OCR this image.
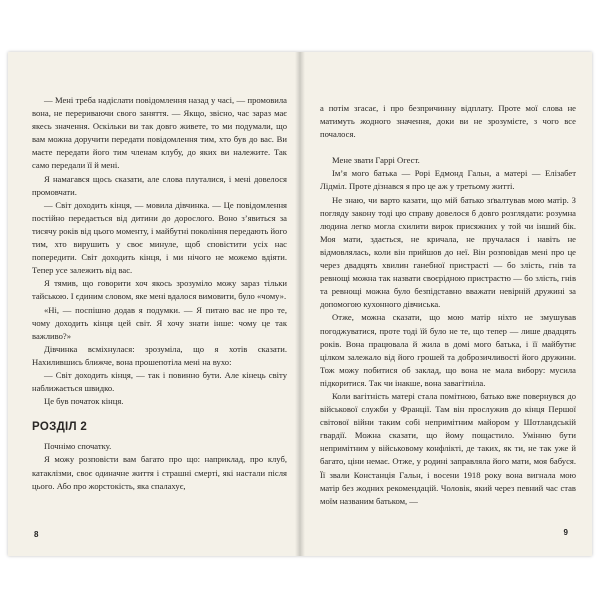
— Мені треба надіслати повідомлення назад у часі, — промовила вона, не перериваючи свого заняття. — Якщо, звісно, час зараз має якесь значення. Оскільки ви так довго живете, то ми подумали, що вам можна доручити передати повідомлення тим, хто був до вас. Ви маєте передати його тим членам клубу, до яких ви належите. Так само передали її й мені.

Я намагався щось сказати, але слова плуталися, і мені довелося промовчати.

— Світ доходить кінця, — мовила дівчинка. — Це повідомлення постійно передається від дитини до дорослого. Воно з’явиться за тисячу років від цього моменту, і майбутні покоління передають його тим, хто вирушить у своє минуле, щоб сповістити усіх нас попередити. Світ доходить кінця, і ми нічого не можемо вдіяти. Тепер усе залежить від вас.

Я тямив, що говорити хоч якось зрозуміло можу зараз тільки тайською. І єдиним словом, яке мені вдалося вимовити, було «чому».

«Ні, — поспішно додав я подумки. — Я питаю вас не про те, чому доходить кінця цей світ. Я хочу знати інше: чому це так важливо?»

Дівчинка всміхнулася: зрозуміла, що я хотів сказати. Нахилившись ближче, вона прошепотіла мені на вухо:

— Світ доходить кінця, — так і повинно бути. Але кінець світу наближається швидко.

Це був початок кінця.

РОЗДІЛ 2

Почнімо спочатку.

Я можу розповісти вам багато про що: наприклад, про клуб, катаклізми, своє одиначне життя і страшні смерті, які настали після цього. Або про жорстокість, яка спалахує,

8

а потім згасає, і про безпричинну відплату. Проте мої слова не матимуть жодного значення, доки ви не зрозумієте, з чого все почалося.

Мене звати Гаррі Огест.

Ім’я мого батька — Рорі Едмонд Гальн, а матері — Елізабет Лідміл. Проте дізнався я про це аж у третьому житті.

Не знаю, чи варто казати, що мій батько зґвалтував мою матір. З погляду закону тоді цю справу довелося б довго розглядати: розумна людина легко могла схилити вирок присяжних у той чи інший бік. Моя мати, здається, не кричала, не пручалася і навіть не відмовлялась, коли він прийшов до неї. Він розповідав мені про це через двадцять хвилин ганебної пристрасті — бо злість, гнів та ревнощі можна так назвати своєрідною пристрастю — бо злість, гнів та ревнощі можна було безпідставно вважати невірній дружині за допомогою кухонного дівчиська.

Отже, можна сказати, що мою матір ніхто не змушував погоджуватися, проте тоді їй було не те, що тепер — лише двадцять років. Вона працювала й жила в домі мого батька, і її майбутнє цілком залежало від його грошей та доброзичливості його дружини. Тож можу побитися об заклад, що вона не мала вибору: мусила підкоритися. Так чи інакше, вона завагітніла.

Коли вагітність матері стала помітною, батько вже повернувся до військової служби у Франції. Там він прослужив до кінця Першої світової війни таким собі непримітним майором у Шотландській гвардії. Можна сказати, що йому пощастило. Умінню бути непримітним у військовому конфлікті, де таких, як ти, не так уже й багато, ціни немає. Отже, у родині заправляла його мати, моя бабуся. Її звали Констанція Гальн, і восени 1918 року вона вигнала мою матір без жодних рекомендацій. Чоловік, який через певний час став моїм названим батьком, —

9
